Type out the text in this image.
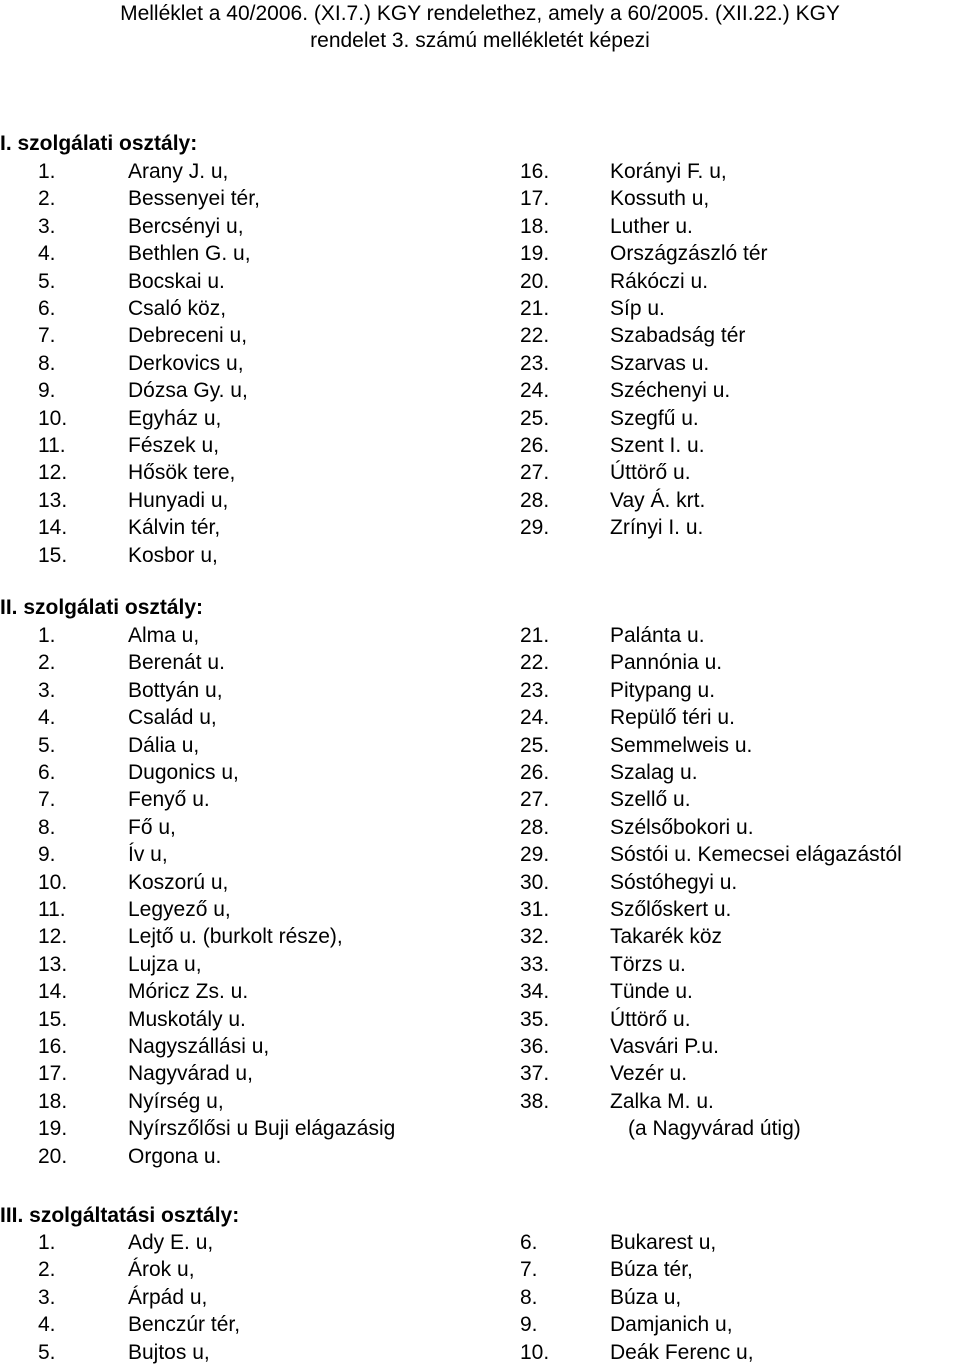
Melléklet a 40/2006. (XI.7.) KGY rendelethez, amely a 60/2005. (XII.22.) KGY
rendelet 3. számú mellékletét képezi
I. szolgálati osztály:
1.	Arany J. u,
2.	Bessenyei tér,
3.	Bercsényi u,
4.	Bethlen G. u,
5.	Bocskai u.
6.	Csaló köz,
7.	Debreceni u,
8.	Derkovics u,
9.	Dózsa Gy. u,
10.	Egyház u,
11.	Fészek u,
12.	Hősök tere,
13.	Hunyadi u,
14.	Kálvin tér,
15.	Kosbor u,
16.	Korányi F. u,
17.	Kossuth u,
18.	Luther u.
19.	Országzászló tér
20.	Rákóczi u.
21.	Síp u.
22.	Szabadság tér
23.	Szarvas u.
24.	Széchenyi u.
25.	Szegfű u.
26.	Szent I. u.
27.	Úttörő u.
28.	Vay Á. krt.
29.	Zrínyi I. u.
II. szolgálati osztály:
1.	Alma u,
2.	Berenát u.
3.	Bottyán u,
4.	Család u,
5.	Dália u,
6.	Dugonics u,
7.	Fenyő u.
8.	Fő u,
9.	Ív u,
10.	Koszorú u,
11.	Legyező u,
12.	Lejtő u. (burkolt része),
13.	Lujza u,
14.	Móricz Zs. u.
15.	Muskotály u.
16.	Nagyszállási u,
17.	Nagyvárad u,
18.	Nyírség u,
19.	Nyírszőlősi u Buji elágazásig
20.	Orgona u.
21.	Palánta u.
22.	Pannónia u.
23.	Pitypang u.
24.	Repülő téri u.
25.	Semmelweis u.
26.	Szalag u.
27.	Szellő u.
28.	Szélsőbokori u.
29.	Sóstói u. Kemecsei elágazástól
30.	Sóstóhegyi u.
31.	Szőlőskert u.
32.	Takarék köz
33.	Törzs u.
34.	Tünde u.
35.	Úttörő u.
36.	Vasvári P.u.
37.	Vezér u.
38.	Zalka M. u.
(a Nagyvárad útig)
III. szolgáltatási osztály:
1.	Ady E. u,
2.	Árok u,
3.	Árpád u,
4.	Benczúr tér,
5.	Bujtos u,
6.	Bukarest u,
7.	Búza tér,
8.	Búza u,
9.	Damjanich u,
10.	Deák Ferenc u,
